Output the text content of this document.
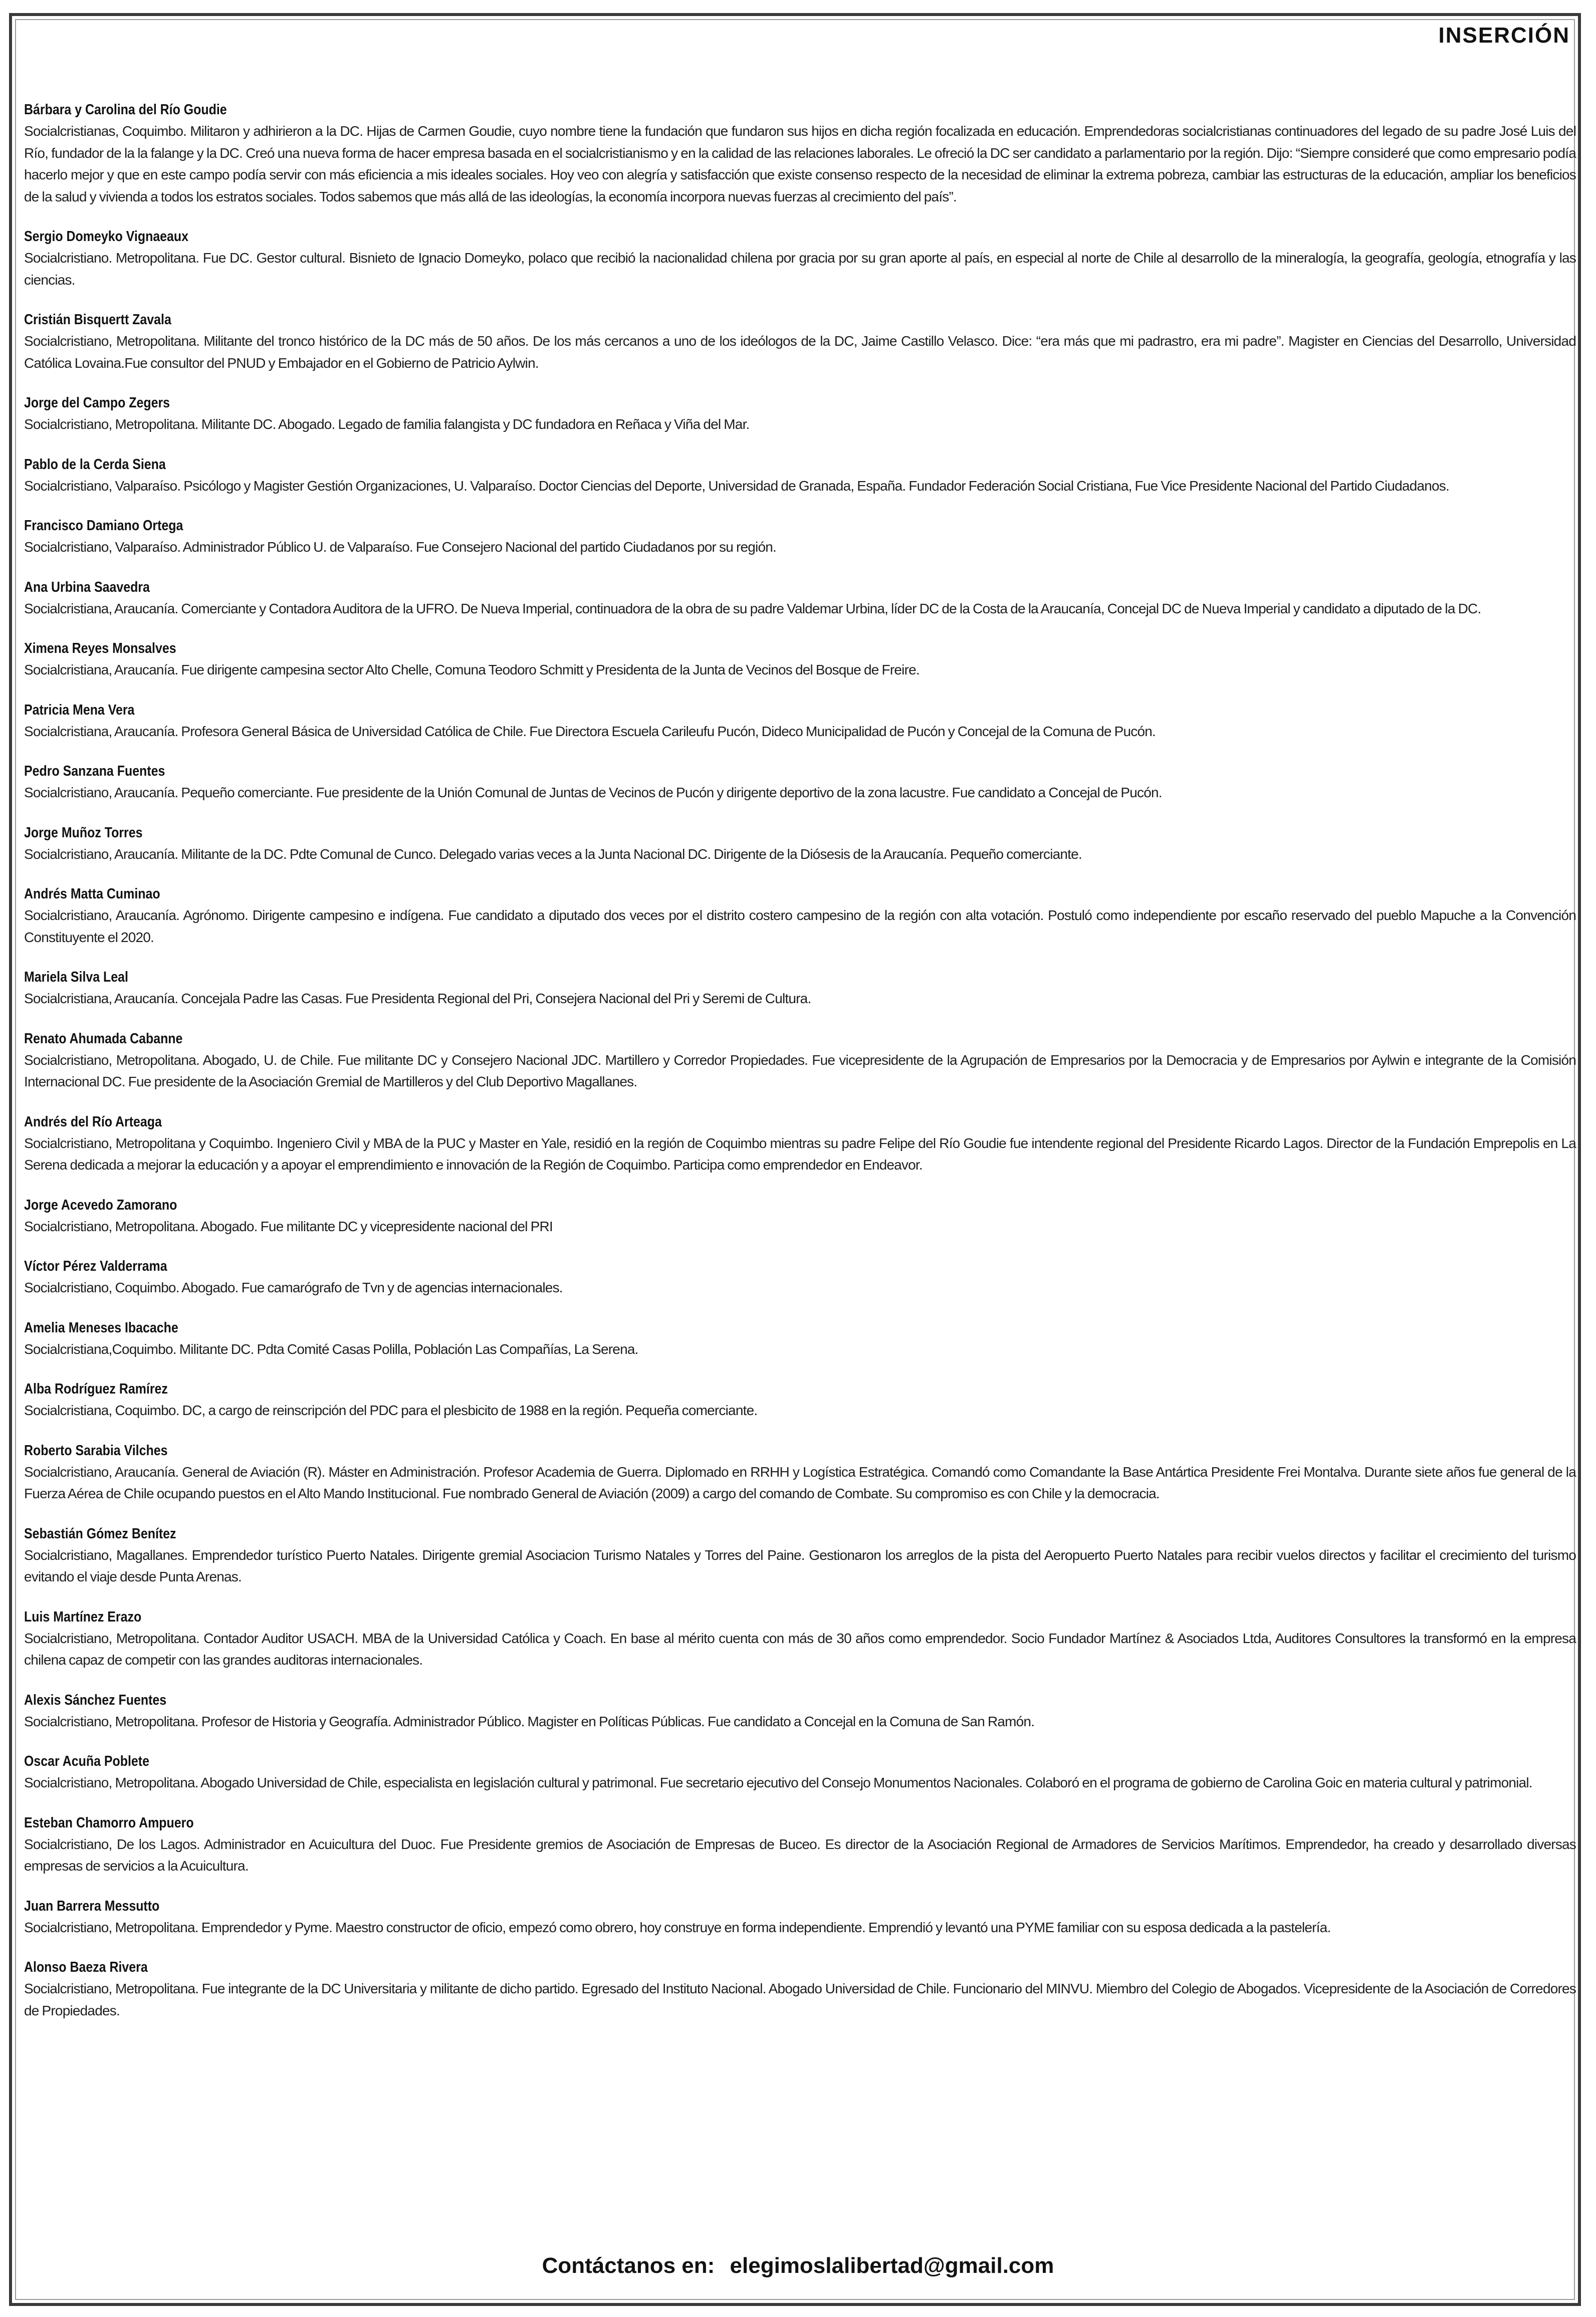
INSERCIÓN
Bárbara y Carolina del Río Goudie
Socialcristianas, Coquimbo. Militaron y adhirieron a la DC. Hijas de Carmen Goudie, cuyo nombre tiene la fundación que fundaron sus hijos en dicha región focalizada en educación. Emprendedoras socialcristianas continuadores del legado de su padre José Luis del Río, fundador de la la falange y la DC. Creó una nueva forma de hacer empresa basada en el socialcristianismo y en la calidad de las relaciones laborales. Le ofreció la DC ser candidato a parlamentario por la región. Dijo: “Siempre consideré que como empresario podía hacerlo mejor y que en este campo podía servir con más eficiencia a mis ideales sociales. Hoy veo con alegría y satisfacción que existe consenso respecto de la necesidad de eliminar la extrema pobreza, cambiar las estructuras de la educación, ampliar los beneficios de la salud y vivienda a todos los estratos sociales. Todos sabemos que más allá de las ideologías, la economía incorpora nuevas fuerzas al crecimiento del país”.
Sergio Domeyko Vignaeaux
Socialcristiano. Metropolitana. Fue DC. Gestor cultural. Bisnieto de Ignacio Domeyko, polaco que recibió la nacionalidad chilena por gracia por su gran aporte al país, en especial al norte de Chile al desarrollo de la mineralogía, la geografía, geología, etnografía y las ciencias.
Cristián Bisquertt Zavala
Socialcristiano, Metropolitana. Militante del tronco histórico de la DC más de 50 años. De los más cercanos a uno de los ideólogos de la DC, Jaime Castillo Velasco. Dice: “era más que mi padrastro, era mi padre”. Magister en Ciencias del Desarrollo, Universidad Católica Lovaina.Fue consultor del PNUD y Embajador en el Gobierno de Patricio Aylwin.
Jorge del Campo Zegers
Socialcristiano, Metropolitana. Militante DC. Abogado. Legado de familia falangista y DC fundadora en Reñaca y Viña del Mar.
Pablo de la Cerda Siena
Socialcristiano, Valparaíso. Psicólogo y Magister Gestión Organizaciones, U. Valparaíso. Doctor Ciencias del Deporte, Universidad de Granada, España. Fundador Federación Social Cristiana, Fue Vice Presidente Nacional del Partido Ciudadanos.
Francisco Damiano Ortega
Socialcristiano, Valparaíso. Administrador Público U. de Valparaíso. Fue Consejero Nacional del partido Ciudadanos por su región.
Ana Urbina Saavedra
Socialcristiana, Araucanía. Comerciante y Contadora Auditora de la UFRO. De Nueva Imperial, continuadora de la obra de su padre Valdemar Urbina, líder DC de la Costa de la Araucanía, Concejal DC de Nueva Imperial y candidato a diputado de la DC.
Ximena Reyes Monsalves
Socialcristiana, Araucanía. Fue dirigente campesina sector Alto Chelle, Comuna Teodoro Schmitt y Presidenta de la Junta de Vecinos del Bosque de Freire.
Patricia Mena Vera
Socialcristiana, Araucanía. Profesora General Básica de Universidad Católica de Chile. Fue Directora Escuela Carileufu Pucón, Dideco Municipalidad de Pucón y Concejal de la Comuna de Pucón.
Pedro Sanzana Fuentes
Socialcristiano, Araucanía. Pequeño comerciante. Fue presidente de la Unión Comunal de Juntas de Vecinos de Pucón y dirigente deportivo de la zona lacustre. Fue candidato a Concejal de Pucón.
Jorge Muñoz Torres
Socialcristiano, Araucanía. Militante de la DC. Pdte Comunal de Cunco. Delegado varias veces a la Junta Nacional DC. Dirigente de la Diósesis de la Araucanía. Pequeño comerciante.
Andrés Matta Cuminao
Socialcristiano, Araucanía. Agrónomo. Dirigente campesino e indígena. Fue candidato a diputado dos veces por el distrito costero campesino de la región con alta votación. Postuló como independiente por escaño reservado del pueblo Mapuche a la Convención Constituyente el 2020.
Mariela Silva Leal
Socialcristiana, Araucanía. Concejala Padre las Casas. Fue Presidenta Regional del Pri, Consejera Nacional del Pri y Seremi de Cultura.
Renato Ahumada Cabanne
Socialcristiano, Metropolitana. Abogado, U. de Chile. Fue militante DC y Consejero Nacional JDC. Martillero y Corredor Propiedades. Fue vicepresidente de la Agrupación de Empresarios por la Democracia y de Empresarios por Aylwin e integrante de la Comisión Internacional DC. Fue presidente de la Asociación Gremial de Martilleros y del Club Deportivo Magallanes.
Andrés del Río Arteaga
Socialcristiano, Metropolitana y Coquimbo. Ingeniero Civil y MBA de la PUC y Master en Yale, residió en la región de Coquimbo mientras su padre Felipe del Río Goudie fue intendente regional del Presidente Ricardo Lagos. Director de la Fundación Emprepolis en La Serena dedicada a mejorar la educación y a apoyar el emprendimiento e innovación de la Región de Coquimbo. Participa como emprendedor en Endeavor.
Jorge Acevedo Zamorano
Socialcristiano, Metropolitana. Abogado. Fue militante DC y vicepresidente nacional del PRI
Víctor Pérez Valderrama
Socialcristiano, Coquimbo. Abogado. Fue camarógrafo de Tvn y de agencias internacionales.
Amelia Meneses Ibacache
Socialcristiana,Coquimbo. Militante DC. Pdta Comité Casas Polilla, Población Las Compañías, La Serena.
Alba Rodríguez Ramírez
Socialcristiana, Coquimbo. DC, a cargo de reinscripción del PDC para el plesbicito de 1988 en la región. Pequeña comerciante.
Roberto Sarabia Vilches
Socialcristiano, Araucanía. General de Aviación (R). Máster en Administración. Profesor Academia de Guerra. Diplomado en RRHH y Logística Estratégica. Comandó como Comandante la Base Antártica Presidente Frei Montalva. Durante siete años fue general de la Fuerza Aérea de Chile ocupando puestos en el Alto Mando Institucional. Fue nombrado General de Aviación (2009) a cargo del comando de Combate. Su compromiso es con Chile y la democracia.
Sebastián Gómez Benítez
Socialcristiano, Magallanes. Emprendedor turístico Puerto Natales. Dirigente gremial Asociacion Turismo Natales y Torres del Paine. Gestionaron los arreglos de la pista del Aeropuerto Puerto Natales para recibir vuelos directos y facilitar el crecimiento del turismo evitando el viaje desde Punta Arenas.
Luis Martínez Erazo
Socialcristiano, Metropolitana. Contador Auditor USACH. MBA de la Universidad Católica y Coach. En base al mérito cuenta con más de 30 años como emprendedor. Socio Fundador Martínez & Asociados Ltda, Auditores Consultores la transformó en la empresa chilena capaz de competir con las grandes auditoras internacionales.
Alexis Sánchez Fuentes
Socialcristiano, Metropolitana. Profesor de Historia y Geografía. Administrador Público. Magister en Políticas Públicas. Fue candidato a Concejal en la Comuna de San Ramón.
Oscar Acuña Poblete
Socialcristiano, Metropolitana. Abogado Universidad de Chile, especialista en legislación cultural y patrimonal. Fue secretario ejecutivo del Consejo Monumentos Nacionales. Colaboró en el programa de gobierno de Carolina Goic en materia cultural y patrimonial.
Esteban Chamorro Ampuero
Socialcristiano, De los Lagos. Administrador en Acuicultura del Duoc. Fue Presidente gremios de Asociación de Empresas de Buceo. Es director de la Asociación Regional de Armadores de Servicios Marítimos. Emprendedor, ha creado y desarrollado diversas empresas de servicios a la Acuicultura.
Juan Barrera Messutto
Socialcristiano, Metropolitana. Emprendedor y Pyme. Maestro constructor de oficio, empezó como obrero, hoy construye en forma independiente. Emprendió y levantó una PYME familiar con su esposa dedicada a la pastelería.
Alonso Baeza Rivera
Socialcristiano, Metropolitana. Fue integrante de la DC Universitaria y militante de dicho partido. Egresado del Instituto Nacional. Abogado Universidad de Chile. Funcionario del MINVU. Miembro del Colegio de Abogados. Vicepresidente de la Asociación de Corredores de Propiedades.
Contáctanos en: elegimoslalibertad@gmail.com
